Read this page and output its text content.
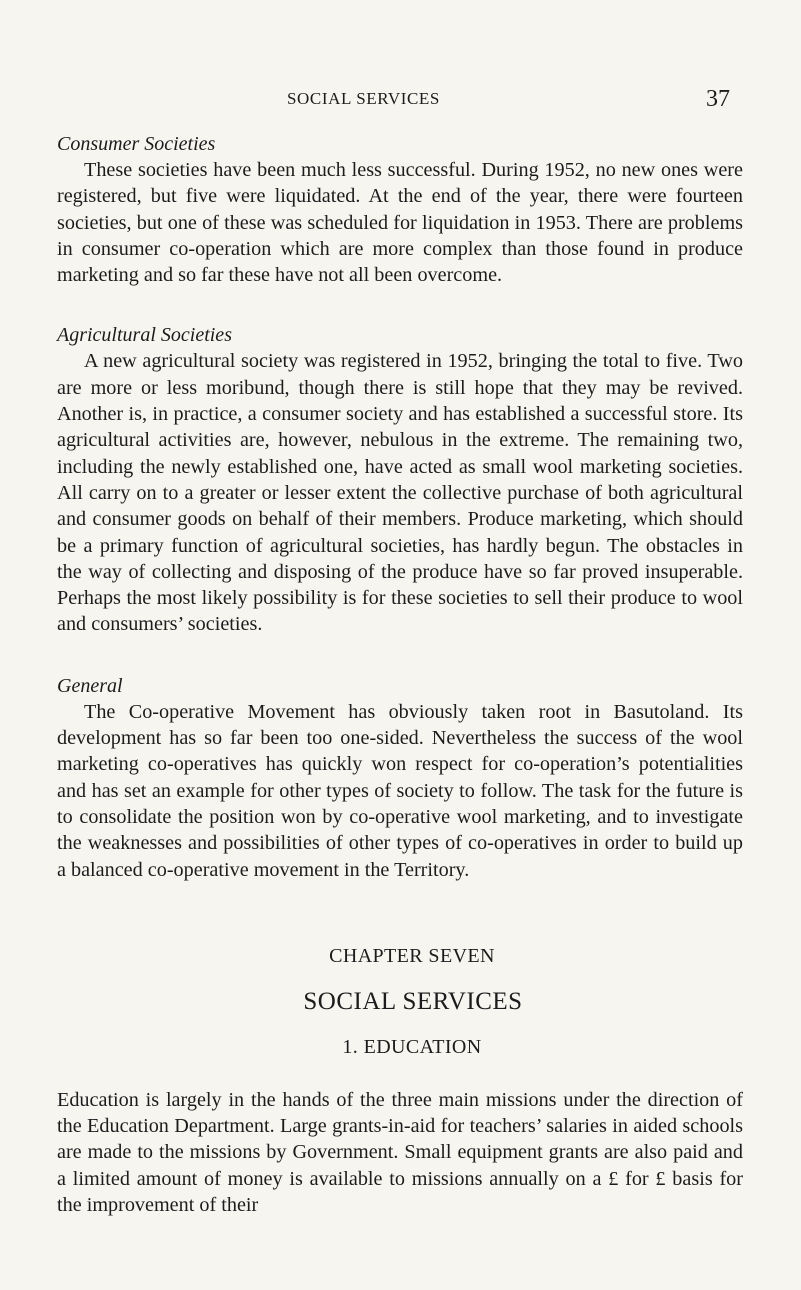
SOCIAL SERVICES	37
Consumer Societies

These societies have been much less successful. During 1952, no new ones were registered, but five were liquidated. At the end of the year, there were fourteen societies, but one of these was scheduled for liquidation in 1953. There are problems in consumer co-operation which are more complex than those found in produce marketing and so far these have not all been overcome.

Agricultural Societies

A new agricultural society was registered in 1952, bringing the total to five. Two are more or less moribund, though there is still hope that they may be revived. Another is, in practice, a consumer society and has established a successful store. Its agricultural activities are, however, nebulous in the extreme. The remaining two, including the newly established one, have acted as small wool marketing societies. All carry on to a greater or lesser extent the collective purchase of both agricultural and consumer goods on behalf of their members. Produce marketing, which should be a primary function of agricultural societies, has hardly begun. The obstacles in the way of collecting and disposing of the produce have so far proved insuperable. Perhaps the most likely possibility is for these societies to sell their produce to wool and consumers’ societies.

General

The Co-operative Movement has obviously taken root in Basutoland. Its development has so far been too one-sided. Nevertheless the success of the wool marketing co-operatives has quickly won respect for co-operation’s potentialities and has set an example for other types of society to follow. The task for the future is to consolidate the position won by co-operative wool marketing, and to investigate the weaknesses and possibilities of other types of co-operatives in order to build up a balanced co-operative movement in the Territory.

CHAPTER SEVEN
SOCIAL SERVICES
1. EDUCATION

Education is largely in the hands of the three main missions under the direction of the Education Department. Large grants-in-aid for teachers’ salaries in aided schools are made to the missions by Government. Small equipment grants are also paid and a limited amount of money is available to missions annually on a £ for £ basis for the improvement of their
